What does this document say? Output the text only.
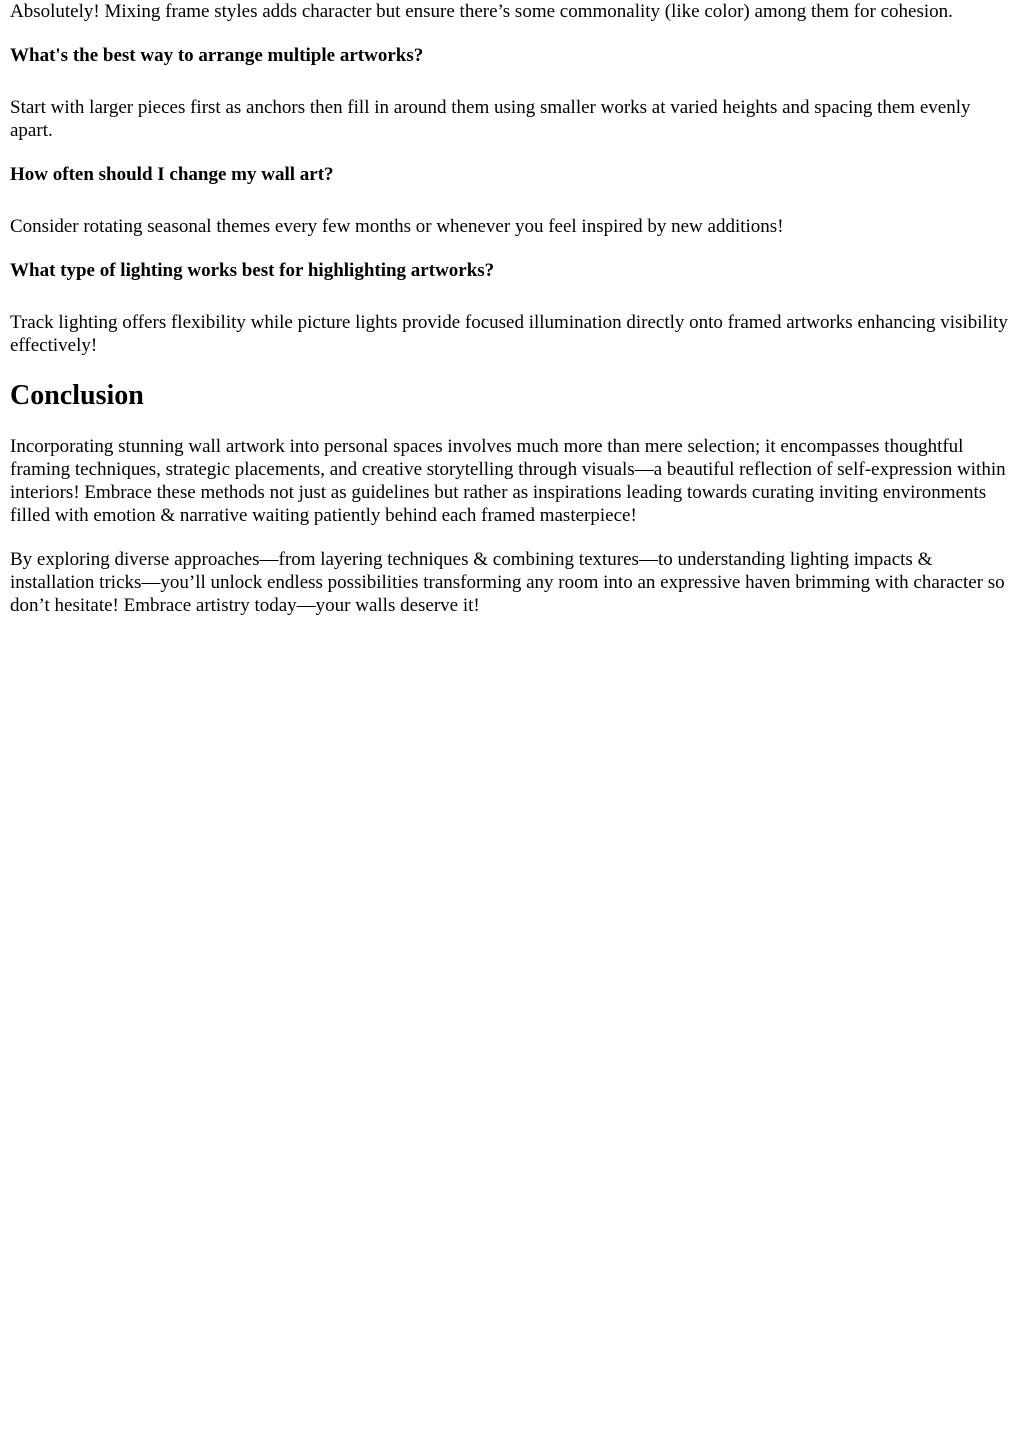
Absolutely! Mixing frame styles adds character but ensure there’s some commonality (like color) among them for cohesion.

What's the best way to arrange multiple artworks?

Start with larger pieces first as anchors then fill in around them using smaller works at varied heights and spacing them evenly apart.

How often should I change my wall art?

Consider rotating seasonal themes every few months or whenever you feel inspired by new additions!

What type of lighting works best for highlighting artworks?

Track lighting offers flexibility while picture lights provide focused illumination directly onto framed artworks enhancing visibility effectively!

Conclusion

Incorporating stunning wall artwork into personal spaces involves much more than mere selection; it encompasses thoughtful framing techniques, strategic placements, and creative storytelling through visuals—a beautiful reflection of self-expression within interiors! Embrace these methods not just as guidelines but rather as inspirations leading towards curating inviting environments filled with emotion & narrative waiting patiently behind each framed masterpiece!

By exploring diverse approaches—from layering techniques & combining textures—to understanding lighting impacts & installation tricks—you’ll unlock endless possibilities transforming any room into an expressive haven brimming with character so don’t hesitate! Embrace artistry today—your walls deserve it!
